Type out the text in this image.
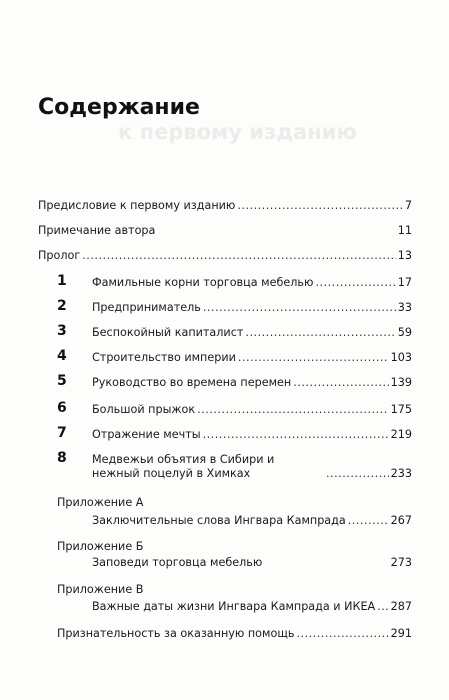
к первому изданию
Содержание
Предисловие к первому изданию .....	7
Примечание автора	11
Пролог .....	13
1	Фамильные корни торговца мебелью .....	17
2	Предприниматель .....	33
3	Беспокойный капиталист .....	59
4	Строительство империи .....	103
5	Руководство во времена перемен .....	139
6	Большой прыжок .....	175
7	Отражение мечты .....	219
8	Медвежьи объятия в Сибири и нежный поцелуй в Химках .....	233
Приложение А
Заключительные слова Ингвара Кампрада .....	267
Приложение Б
Заповеди торговца мебелью	273
Приложение В
Важные даты жизни Ингвара Кампрада и ИКЕА ..... 287
Признательность за оказанную помощь .....	291
